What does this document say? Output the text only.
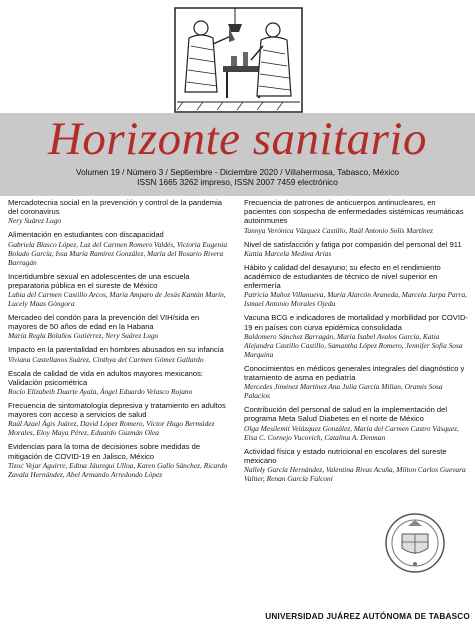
Horizonte sanitario
Volumen 19 / Número 3 / Septiembre - Diciembre 2020 / Villahermosa, Tabasco, México
ISSN 1665 3262 impreso, ISSN 2007 7459 electrónico
Mercadotecnia social en la prevención y control de la pandemia del coronavirus
Nery Suárez Lugo
Alimentación en estudiantes con discapacidad
Gabriela Blasco López, Luz del Carmen Romero Valdés, Victoria Eugenia Bolado García, Issa María Ramírez González, María del Rosario Rivera Barragán
Incertidumbre sexual en adolescentes de una escuela preparatoria pública en el sureste de México
Lubia del Carmen Castillo Arcos, María Amparo de Jesús Kantún Marín, Lucely Maas Góngora
Mercadeo del condón para la prevención del VIH/sida en mayores de 50 años de edad en la Habana
María Regla Bolaños Gutiérrez, Nery Suárez Lugo
Impacto en la parentalidad en hombres abusados en su infancia
Viviana Castellanos Suárez, Cinthya del Carmen Gómez Gallardo
Escala de calidad de vida en adultos mayores mexicanos: Validación psicométrica
Rocío Elizabeth Duarte Ayala, Ángel Eduardo Velasco Rojano
Frecuencia de sintomatología depresiva y tratamiento en adultos mayores con acceso a servicios de salud
Raúl Azael Ágis Juárez, David López Romero, Víctor Hugo Bermúdez Morales, Eloy Maya Pérez, Eduardo Guzmán Olea
Evidencias para la toma de decisiones sobre medidas de mitigación de COVID-19 en Jalisco, México
Tizoc Vejar Aguirre, Edtna Jáuregui Ulloa, Karen Gallo Sánchez, Ricardo Zavala Hernández, Abel Armando Arredondo López
Frecuencia de patrones de anticuerpos antinucleares, en pacientes con sospecha de enfermedades sistémicas reumáticas autoinmunes
Tannya Verónica Vázquez Castillo, Raúl Antonio Solís Martínez
Nivel de satisfacción y fatiga por compasión del personal del 911
Kattia Marcela Medina Arias
Hábito y calidad del desayuno; su efecto en el rendimiento académico de estudiantes de técnico de nivel superior en enfermería
Patricia Muñoz Villanueva, María Alarcón Araneda, Marcela Jarpa Parra, Ismael Antonio Morales Ojeda
Vacuna BCG e indicadores de mortalidad y morbilidad por COVID-19 en países con curva epidémica consolidada
Baldomero Sánchez Barragán, María Isabel Avalos García, Katia Alejandra Castillo Castillo, Samantha López Romero, Jennifer Sofía Sosa Marquina
Conocimientos en médicos generales integrales del diagnóstico y tratamiento de asma en pediatría
Mercedes Jiménez Martínez Ana Julia García Milian, Oramis Sosa Palacios
Contribución del personal de salud en la implementación del programa Meta Salud Diabetes en el norte de México
Olga Mesilemit Velázquez González, María del Carmen Castro Vásquez, Elsa C. Cornejo Vucovich, Catalina A. Denman
Actividad física y estado nutricional en escolares del sureste mexicano
Nalleły García Hernández, Valentina Rivas Acuña, Milton Carlos Guevara Valtier, Renan García Falconi
UNIVERSIDAD JUÁREZ AUTÓNOMA DE TABASCO
